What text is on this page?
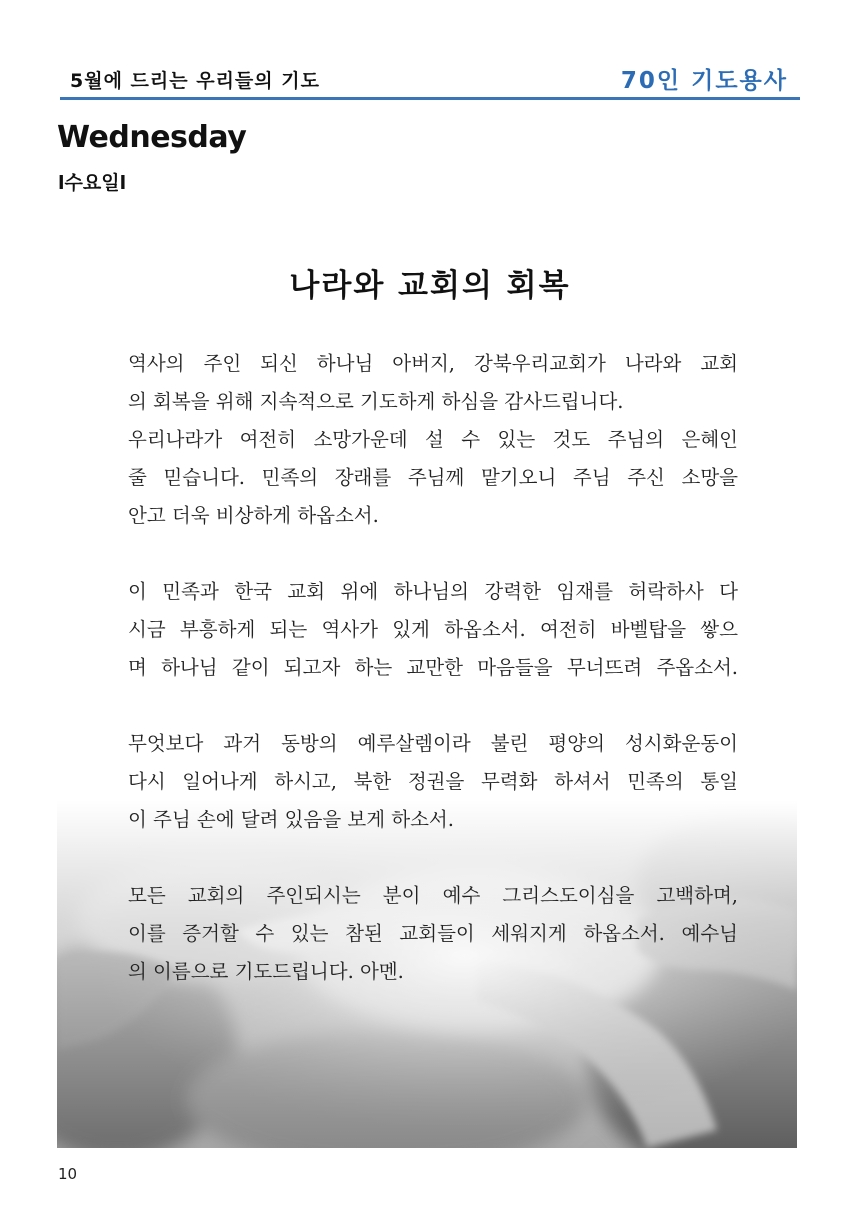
5월에 드리는 우리들의 기도	70인 기도용사
Wednesday
l수요일l
나라와 교회의 회복
역사의 주인 되신 하나님 아버지, 강북우리교회가 나라와 교회
의 회복을 위해 지속적으로 기도하게 하심을 감사드립니다.
우리나라가 여전히 소망가운데 설 수 있는 것도 주님의 은혜인
줄 믿습니다. 민족의 장래를 주님께 맡기오니 주님 주신 소망을
안고 더욱 비상하게 하옵소서.
이 민족과 한국 교회 위에 하나님의 강력한 임재를 허락하사 다
시금 부흥하게 되는 역사가 있게 하옵소서. 여전히 바벨탑을 쌓으
며 하나님 같이 되고자 하는 교만한 마음들을 무너뜨려 주옵소서.
무엇보다 과거 동방의 예루살렘이라 불린 평양의 성시화운동이
다시 일어나게 하시고, 북한 정권을 무력화 하셔서 민족의 통일
이 주님 손에 달려 있음을 보게 하소서.
모든 교회의 주인되시는 분이 예수 그리스도이심을 고백하며,
이를 증거할 수 있는 참된 교회들이 세워지게 하옵소서. 예수님
의 이름으로 기도드립니다. 아멘.
10
